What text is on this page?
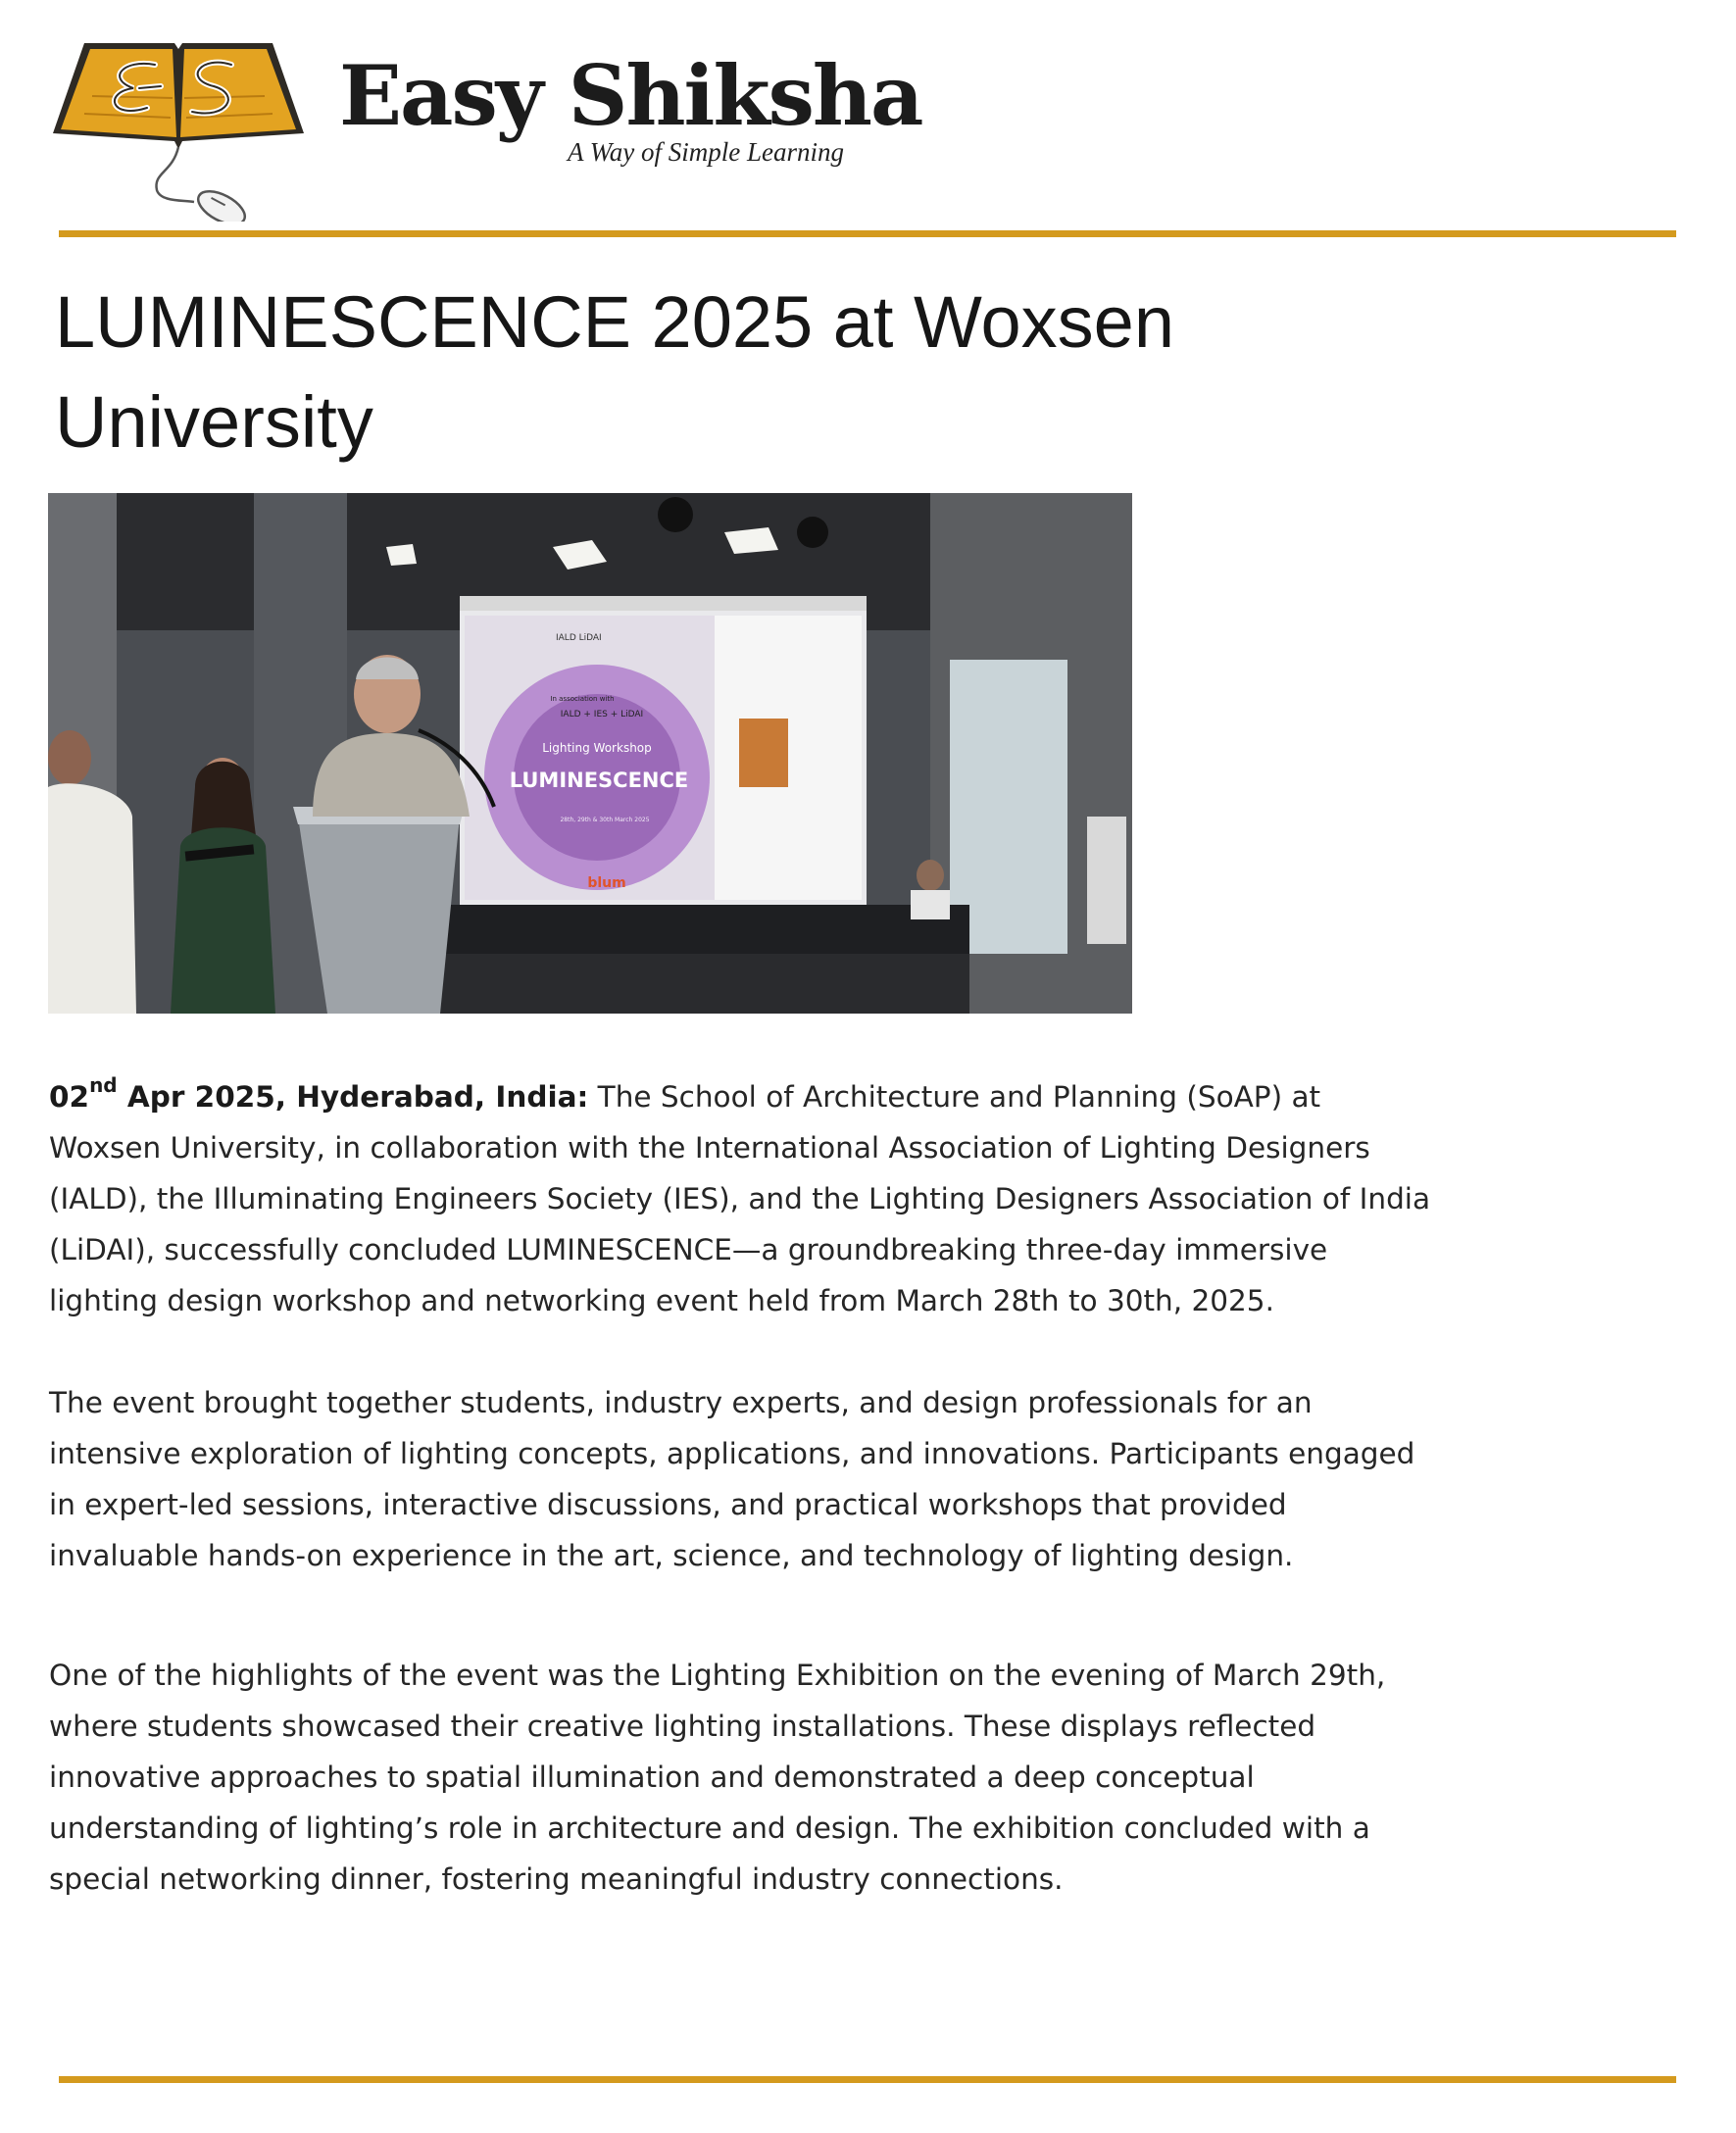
Easy Shiksha
A Way of Simple Learning
LUMINESCENCE 2025 at Woxsen University
IALD LiDAI
In association with
IALD + IES + LiDAI
Lighting Workshop
LUMINESCENCE
28th, 29th & 30th March 2025
blum

02nd Apr 2025, Hyderabad, India: The School of Architecture and Planning (SoAP) at Woxsen University, in collaboration with the International Association of Lighting Designers (IALD), the Illuminating Engineers Society (IES), and the Lighting Designers Association of India (LiDAI), successfully concluded LUMINESCENCE—a groundbreaking three-day immersive lighting design workshop and networking event held from March 28th to 30th, 2025.

The event brought together students, industry experts, and design professionals for an intensive exploration of lighting concepts, applications, and innovations. Participants engaged in expert-led sessions, interactive discussions, and practical workshops that provided invaluable hands-on experience in the art, science, and technology of lighting design.

One of the highlights of the event was the Lighting Exhibition on the evening of March 29th, where students showcased their creative lighting installations. These displays reflected innovative approaches to spatial illumination and demonstrated a deep conceptual understanding of lighting’s role in architecture and design. The exhibition concluded with a special networking dinner, fostering meaningful industry connections.
